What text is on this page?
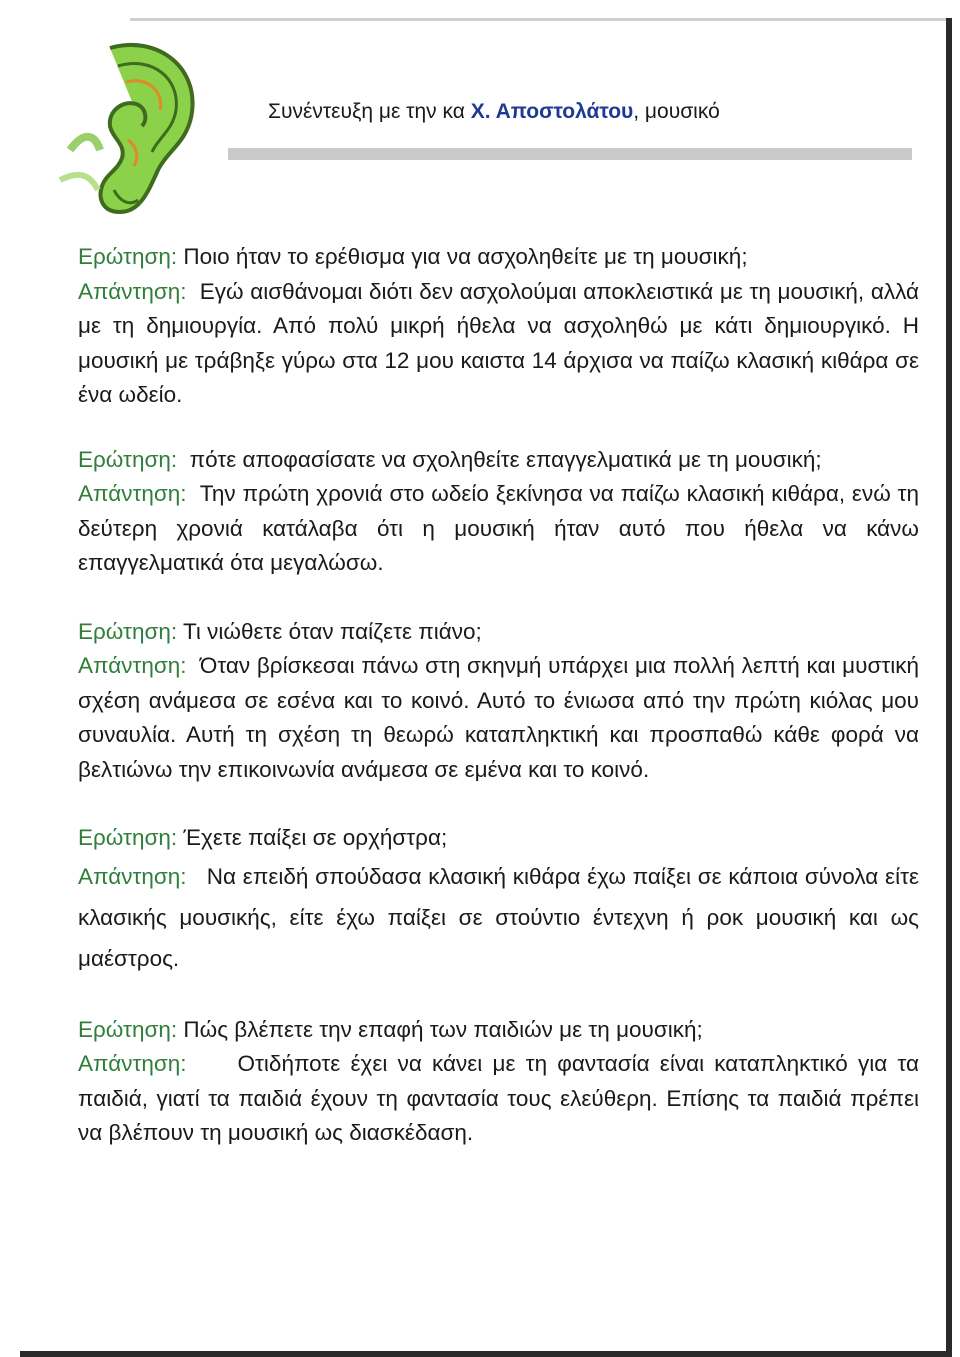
Συνέντευξη με την κα Χ. Αποστολάτου, μουσικό

Ερώτηση: Ποιο ήταν το ερέθισμα για να ασχοληθείτε με τη μουσική;

Απάντηση: Εγώ αισθάνομαι διότι δεν ασχολούμαι αποκλειστικά με τη μουσική, αλλά με τη δημιουργία. Από πολύ μικρή ήθελα να ασχοληθώ με κάτι δημιουργικό. Η μουσική με τράβηξε γύρω στα 12 μου καιστα 14 άρχισα να παίζω κλασική κιθάρα σε ένα ωδείο.

Ερώτηση: πότε αποφασίσατε να σχοληθείτε επαγγελματικά με τη μουσική;

Απάντηση: Την πρώτη χρονιά στο ωδείο ξεκίνησα να παίζω κλασική κιθάρα, ενώ τη δεύτερη χρονιά κατάλαβα ότι η μουσική ήταν αυτό που ήθελα να κάνω επαγγελματικά ότα μεγαλώσω.

Ερώτηση: Τι νιώθετε όταν παίζετε πιάνο;

Απάντηση: Όταν βρίσκεσαι πάνω στη σκηνμή υπάρχει μια πολλή λεπτή και μυστική σχέση ανάμεσα σε εσένα και το κοινό. Αυτό το ένιωσα από την πρώτη κιόλας μου συναυλία. Αυτή τη σχέση τη θεωρώ καταπληκτική και προσπαθώ κάθε φορά να βελτιώνω την επικοινωνία ανάμεσα σε εμένα και το κοινό.

Ερώτηση: Έχετε παίξει σε ορχήστρα;

Απάντηση: Να επειδή σπούδασα κλασική κιθάρα έχω παίξει σε κάποια σύνολα είτε κλασικής μουσικής, είτε έχω παίξει σε στούντιο έντεχνη ή ροκ μουσική και ως μαέστρος.

Ερώτηση: Πώς βλέπετε την επαφή των παιδιών με τη μουσική;

Απάντηση: Οτιδήποτε έχει να κάνει με τη φαντασία είναι καταπληκτικό για τα παιδιά, γιατί τα παιδιά έχουν τη φαντασία τους ελεύθερη. Επίσης τα παιδιά πρέπει να βλέπουν τη μουσική ως διασκέδαση.
